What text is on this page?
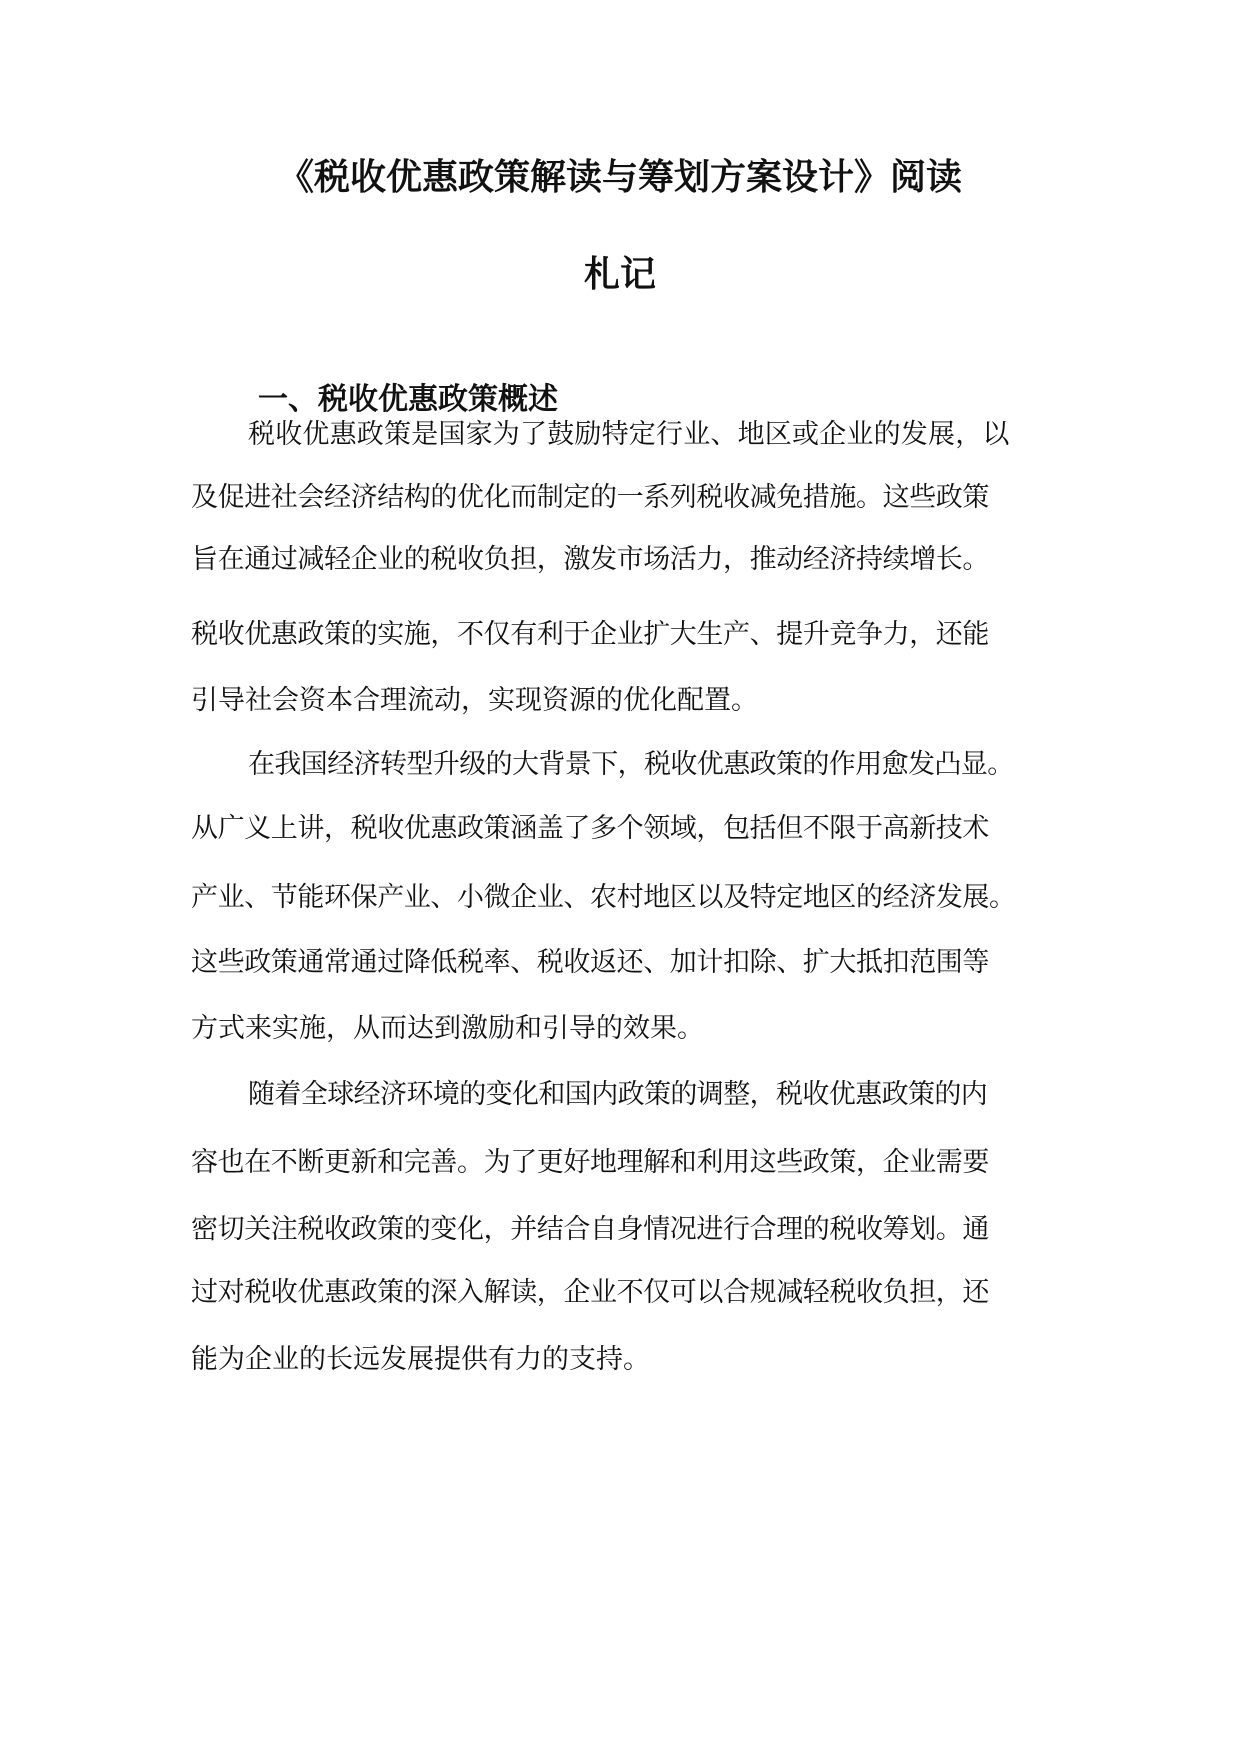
《税收优惠政策解读与筹划方案设计》阅读
札记
一、税收优惠政策概述

税收优惠政策是国家为了鼓励特定行业、地区或企业的发展，以

及促进社会经济结构的优化而制定的一系列税收减免措施。这些政策

旨在通过减轻企业的税收负担，激发市场活力，推动经济持续增长。

税收优惠政策的实施，不仅有利于企业扩大生产、提升竞争力，还能

引导社会资本合理流动，实现资源的优化配置。

在我国经济转型升级的大背景下，税收优惠政策的作用愈发凸显。

从广义上讲，税收优惠政策涵盖了多个领域，包括但不限于高新技术

产业、节能环保产业、小微企业、农村地区以及特定地区的经济发展。

这些政策通常通过降低税率、税收返还、加计扣除、扩大抵扣范围等

方式来实施，从而达到激励和引导的效果。

随着全球经济环境的变化和国内政策的调整，税收优惠政策的内

容也在不断更新和完善。为了更好地理解和利用这些政策，企业需要

密切关注税收政策的变化，并结合自身情况进行合理的税收筹划。通

过对税收优惠政策的深入解读，企业不仅可以合规减轻税收负担，还

能为企业的长远发展提供有力的支持。
